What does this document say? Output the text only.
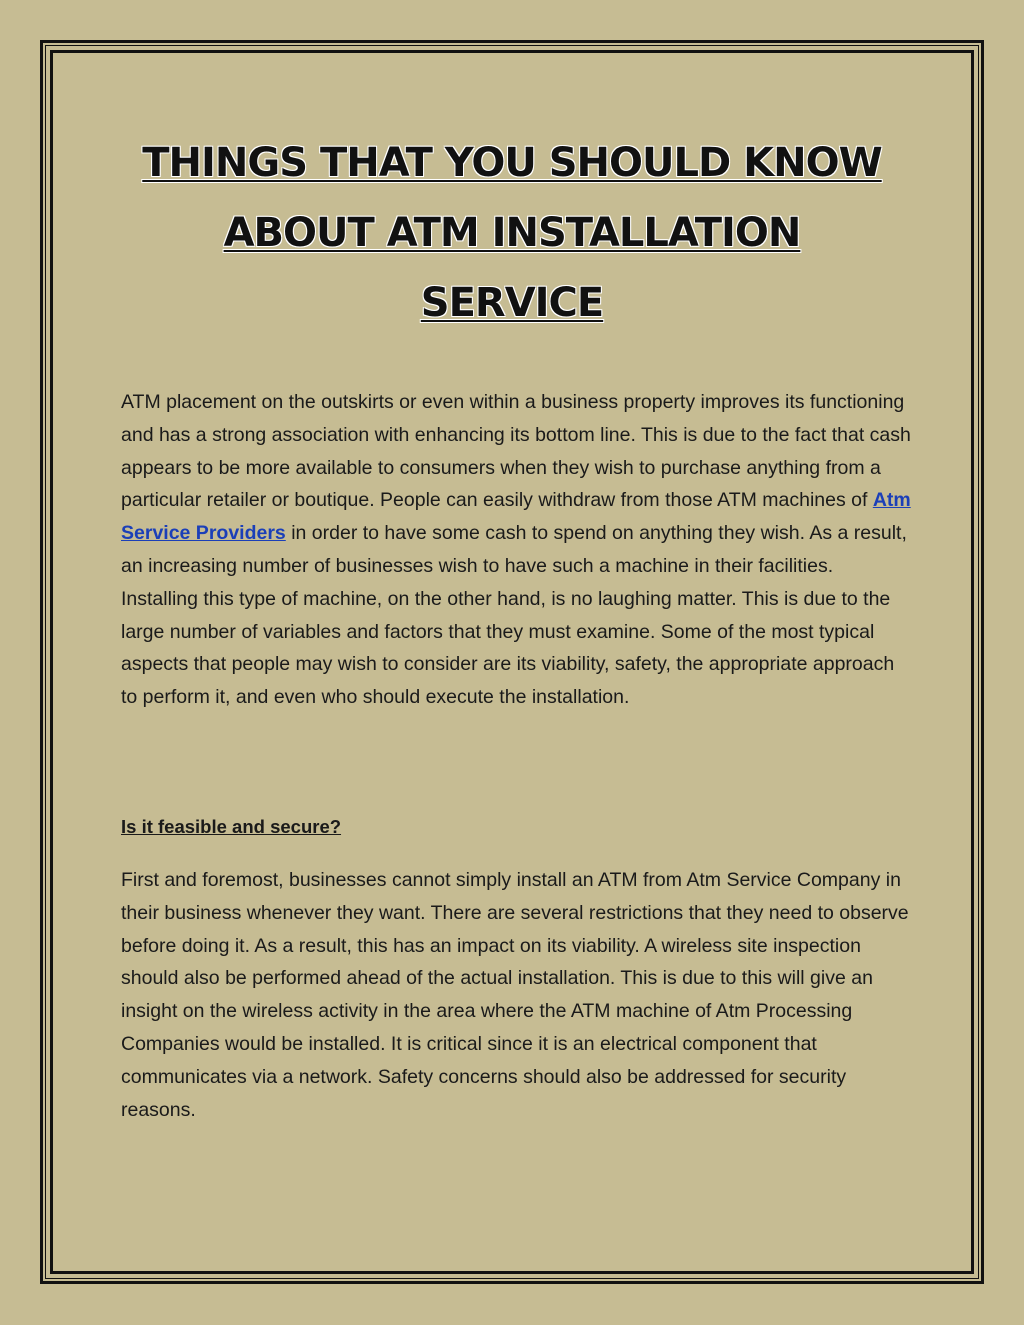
THINGS THAT YOU SHOULD KNOW ABOUT ATM INSTALLATION SERVICE

ATM placement on the outskirts or even within a business property improves its functioning and has a strong association with enhancing its bottom line. This is due to the fact that cash appears to be more available to consumers when they wish to purchase anything from a particular retailer or boutique. People can easily withdraw from those ATM machines of Atm Service Providers in order to have some cash to spend on anything they wish. As a result, an increasing number of businesses wish to have such a machine in their facilities. Installing this type of machine, on the other hand, is no laughing matter. This is due to the large number of variables and factors that they must examine. Some of the most typical aspects that people may wish to consider are its viability, safety, the appropriate approach to perform it, and even who should execute the installation.

Is it feasible and secure?

First and foremost, businesses cannot simply install an ATM from Atm Service Company in their business whenever they want. There are several restrictions that they need to observe before doing it. As a result, this has an impact on its viability. A wireless site inspection should also be performed ahead of the actual installation. This is due to this will give an insight on the wireless activity in the area where the ATM machine of Atm Processing Companies would be installed. It is critical since it is an electrical component that communicates via a network. Safety concerns should also be addressed for security reasons.
